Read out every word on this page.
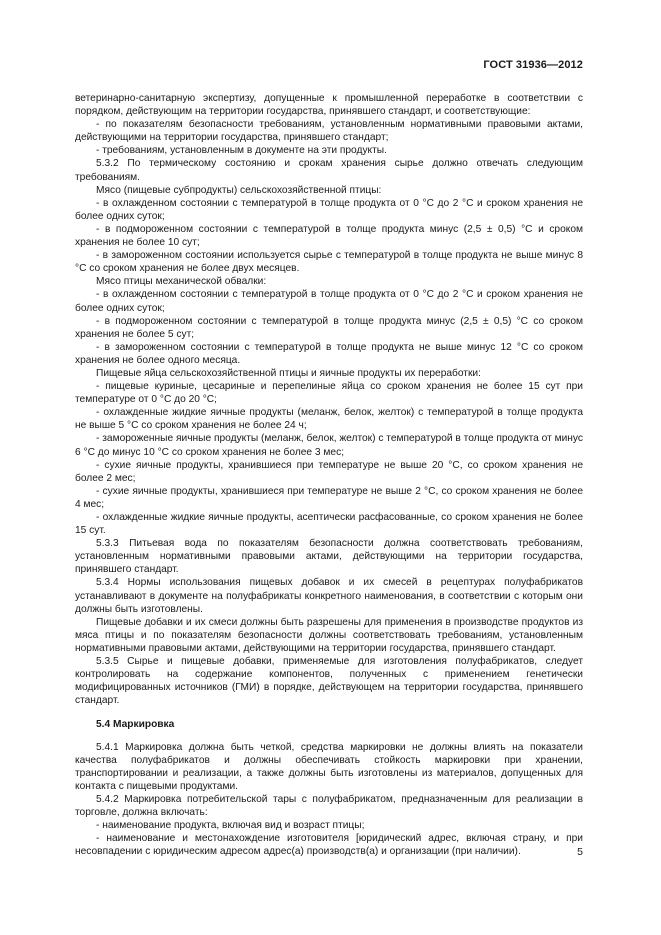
ГОСТ 31936—2012

ветеринарно-санитарную экспертизу, допущенные к промышленной переработке в соответствии с порядком, действующим на территории государства, принявшего стандарт, и соответствующие:

- по показателям безопасности требованиям, установленным нормативными правовыми актами, действующими на территории государства, принявшего стандарт;

- требованиям, установленным в документе на эти продукты.

5.3.2 По термическому состоянию и срокам хранения сырье должно отвечать следующим требованиям.

Мясо (пищевые субпродукты) сельскохозяйственной птицы:

- в охлажденном состоянии с температурой в толще продукта от 0 °C до 2 °C и сроком хранения не более одних суток;

- в подмороженном состоянии с температурой в толще продукта минус (2,5 ± 0,5) °C и сроком хранения не более 10 сут;

- в замороженном состоянии используется сырье с температурой в толще продукта не выше минус 8 °C со сроком хранения не более двух месяцев.

Мясо птицы механической обвалки:

- в охлажденном состоянии с температурой в толще продукта от 0 °C до 2 °C и сроком хранения не более одних суток;

- в подмороженном состоянии с температурой в толще продукта минус (2,5 ± 0,5) °C со сроком хранения не более 5 сут;

- в замороженном состоянии с температурой в толще продукта не выше минус 12 °C со сроком хранения не более одного месяца.

Пищевые яйца сельскохозяйственной птицы и яичные продукты их переработки:

- пищевые куриные, цесариные и перепелиные яйца со сроком хранения не более 15 сут при температуре от 0 °C до 20 °C;

- охлажденные жидкие яичные продукты (меланж, белок, желток) с температурой в толще продукта не выше 5 °C со сроком хранения не более 24 ч;

- замороженные яичные продукты (меланж, белок, желток) с температурой в толще продукта от минус 6 °C до минус 10 °C со сроком хранения не более 3 мес;

- сухие яичные продукты, хранившиеся при температуре не выше 20 °C, со сроком хранения не более 2 мес;

- сухие яичные продукты, хранившиеся при температуре не выше 2 °C, со сроком хранения не более 4 мес;

- охлажденные жидкие яичные продукты, асептически расфасованные, со сроком хранения не более 15 сут.

5.3.3 Питьевая вода по показателям безопасности должна соответствовать требованиям, установленным нормативными правовыми актами, действующими на территории государства, принявшего стандарт.

5.3.4 Нормы использования пищевых добавок и их смесей в рецептурах полуфабрикатов устанавливают в документе на полуфабрикаты конкретного наименования, в соответствии с которым они должны быть изготовлены.

Пищевые добавки и их смеси должны быть разрешены для применения в производстве продуктов из мяса птицы и по показателям безопасности должны соответствовать требованиям, установленным нормативными правовыми актами, действующими на территории государства, принявшего стандарт.

5.3.5 Сырье и пищевые добавки, применяемые для изготовления полуфабрикатов, следует контролировать на содержание компонентов, полученных с применением генетически модифицированных источников (ГМИ) в порядке, действующем на территории государства, принявшего стандарт.

5.4 Маркировка

5.4.1 Маркировка должна быть четкой, средства маркировки не должны влиять на показатели качества полуфабрикатов и должны обеспечивать стойкость маркировки при хранении, транспортировании и реализации, а также должны быть изготовлены из материалов, допущенных для контакта с пищевыми продуктами.

5.4.2 Маркировка потребительской тары с полуфабрикатом, предназначенным для реализации в торговле, должна включать:

- наименование продукта, включая вид и возраст птицы;

- наименование и местонахождение изготовителя [юридический адрес, включая страну, и при несовпадении с юридическим адресом адрес(а) производств(а) и организации (при наличии).	5
